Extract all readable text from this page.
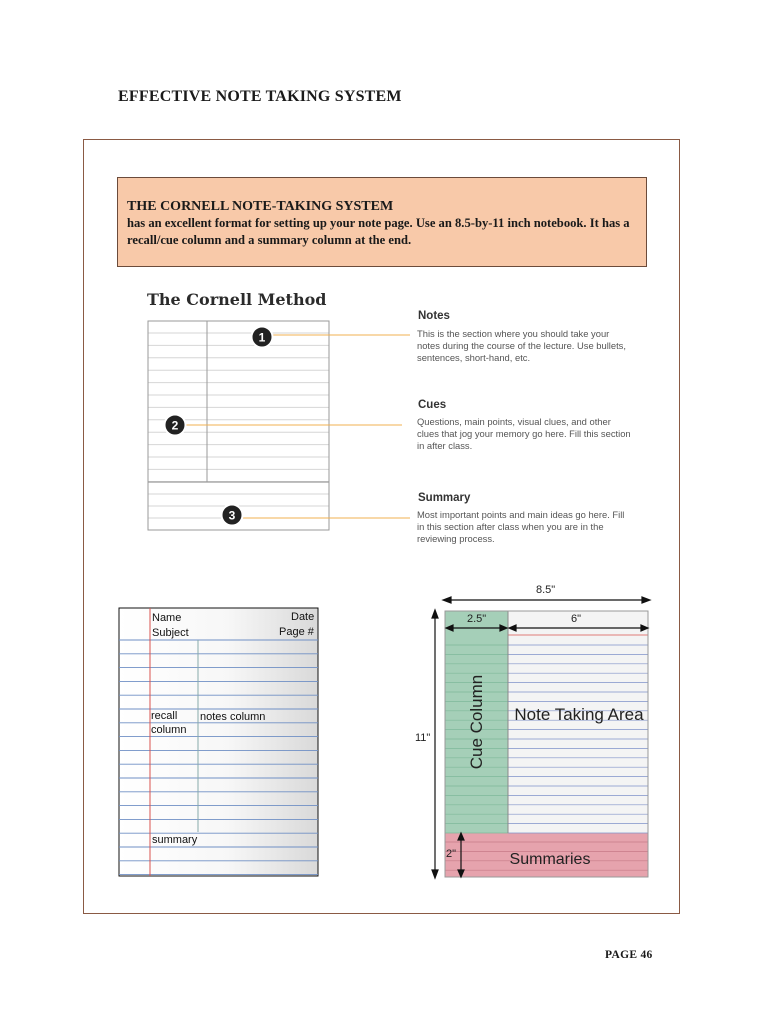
EFFECTIVE NOTE TAKING SYSTEM
THE CORNELL NOTE-TAKING SYSTEM
has an excellent format for setting up your note page. Use an 8.5-by-11 inch notebook. It has a recall/cue column and a summary column at the end.
The Cornell Method
1
2
3
Notes
This is the section where you should take your notes during the course of the lecture. Use bullets, sentences, short-hand, etc.
Cues
Questions, main points, visual clues, and other clues that jog your memory go here. Fill this section in after class.
Summary
Most important points and main ideas go here. Fill in this section after class when you are in the reviewing process.
Name
Subject
Date
Page #
recall
column
notes column
summary
Cue Column Note Taking Area
Summaries
8.5"
2.5"	6"
11"
2"
PAGE 46
